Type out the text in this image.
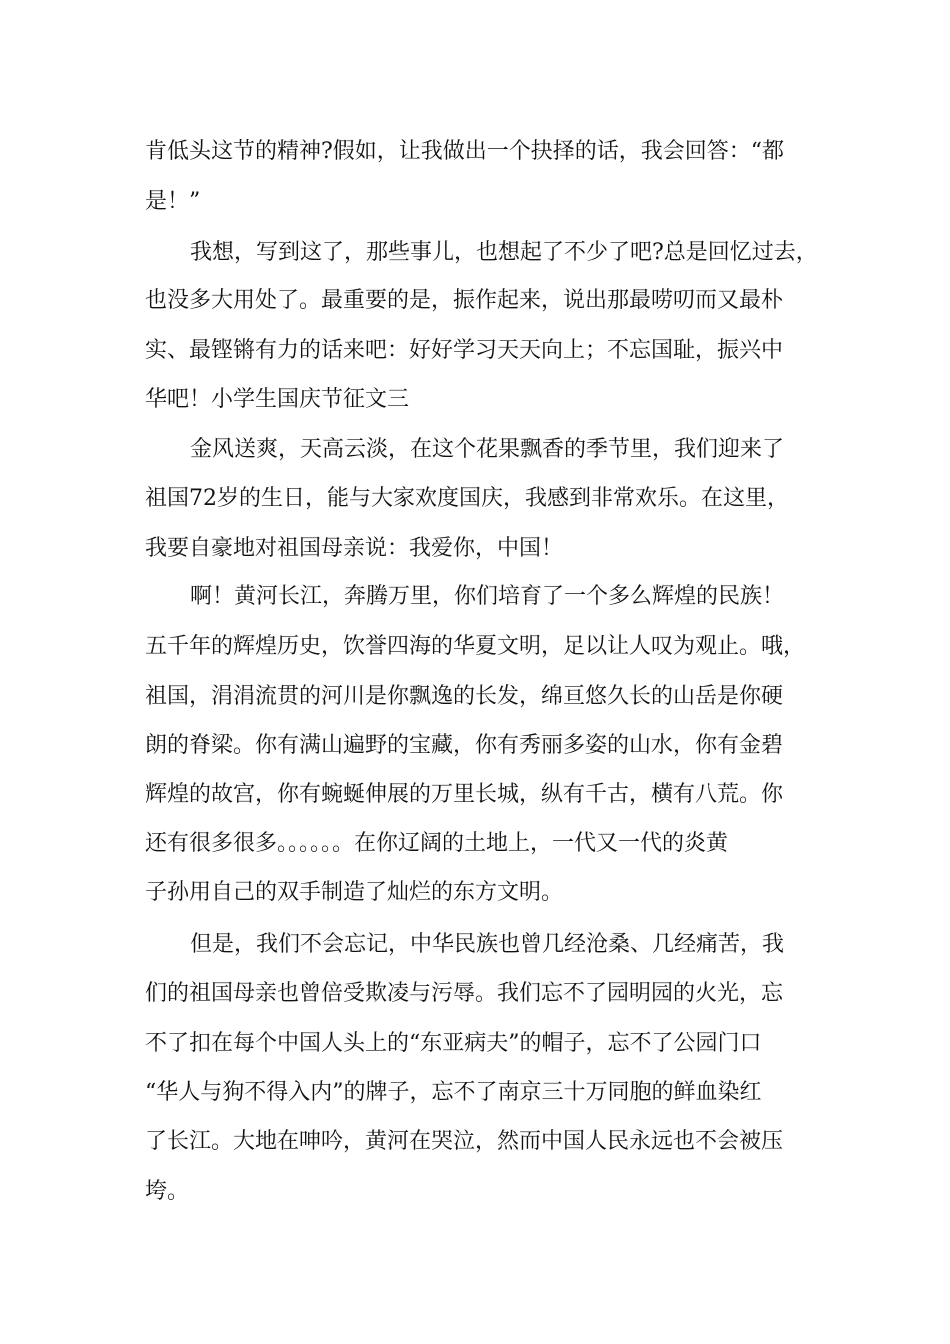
肯低头这节的精神?假如，让我做出一个抉择的话，我会回答：“都
是！”
我想，写到这了，那些事儿，也想起了不少了吧?总是回忆过去，
也没多大用处了。最重要的是，振作起来，说出那最唠叨而又最朴
实、最铿锵有力的话来吧：好好学习天天向上；不忘国耻，振兴中
华吧！小学生国庆节征文三
金风送爽，天高云淡，在这个花果飘香的季节里，我们迎来了
祖国72岁的生日，能与大家欢度国庆，我感到非常欢乐。在这里，
我要自豪地对祖国母亲说：我爱你，中国！
啊！黄河长江，奔腾万里，你们培育了一个多么辉煌的民族！
五千年的辉煌历史，饮誉四海的华夏文明，足以让人叹为观止。哦，
祖国，涓涓流贯的河川是你飘逸的长发，绵亘悠久长的山岳是你硬
朗的脊梁。你有满山遍野的宝藏，你有秀丽多姿的山水，你有金碧
辉煌的故宫，你有蜿蜒伸展的万里长城，纵有千古，横有八荒。你
还有很多很多。。。。。。在你辽阔的土地上，一代又一代的炎黄
子孙用自己的双手制造了灿烂的东方文明。
但是，我们不会忘记，中华民族也曾几经沧桑、几经痛苦，我
们的祖国母亲也曾倍受欺凌与污辱。我们忘不了园明园的火光，忘
不了扣在每个中国人头上的“东亚病夫”的帽子，忘不了公园门口
“华人与狗不得入内”的牌子，忘不了南京三十万同胞的鲜血染红
了长江。大地在呻吟，黄河在哭泣，然而中国人民永远也不会被压
垮。
